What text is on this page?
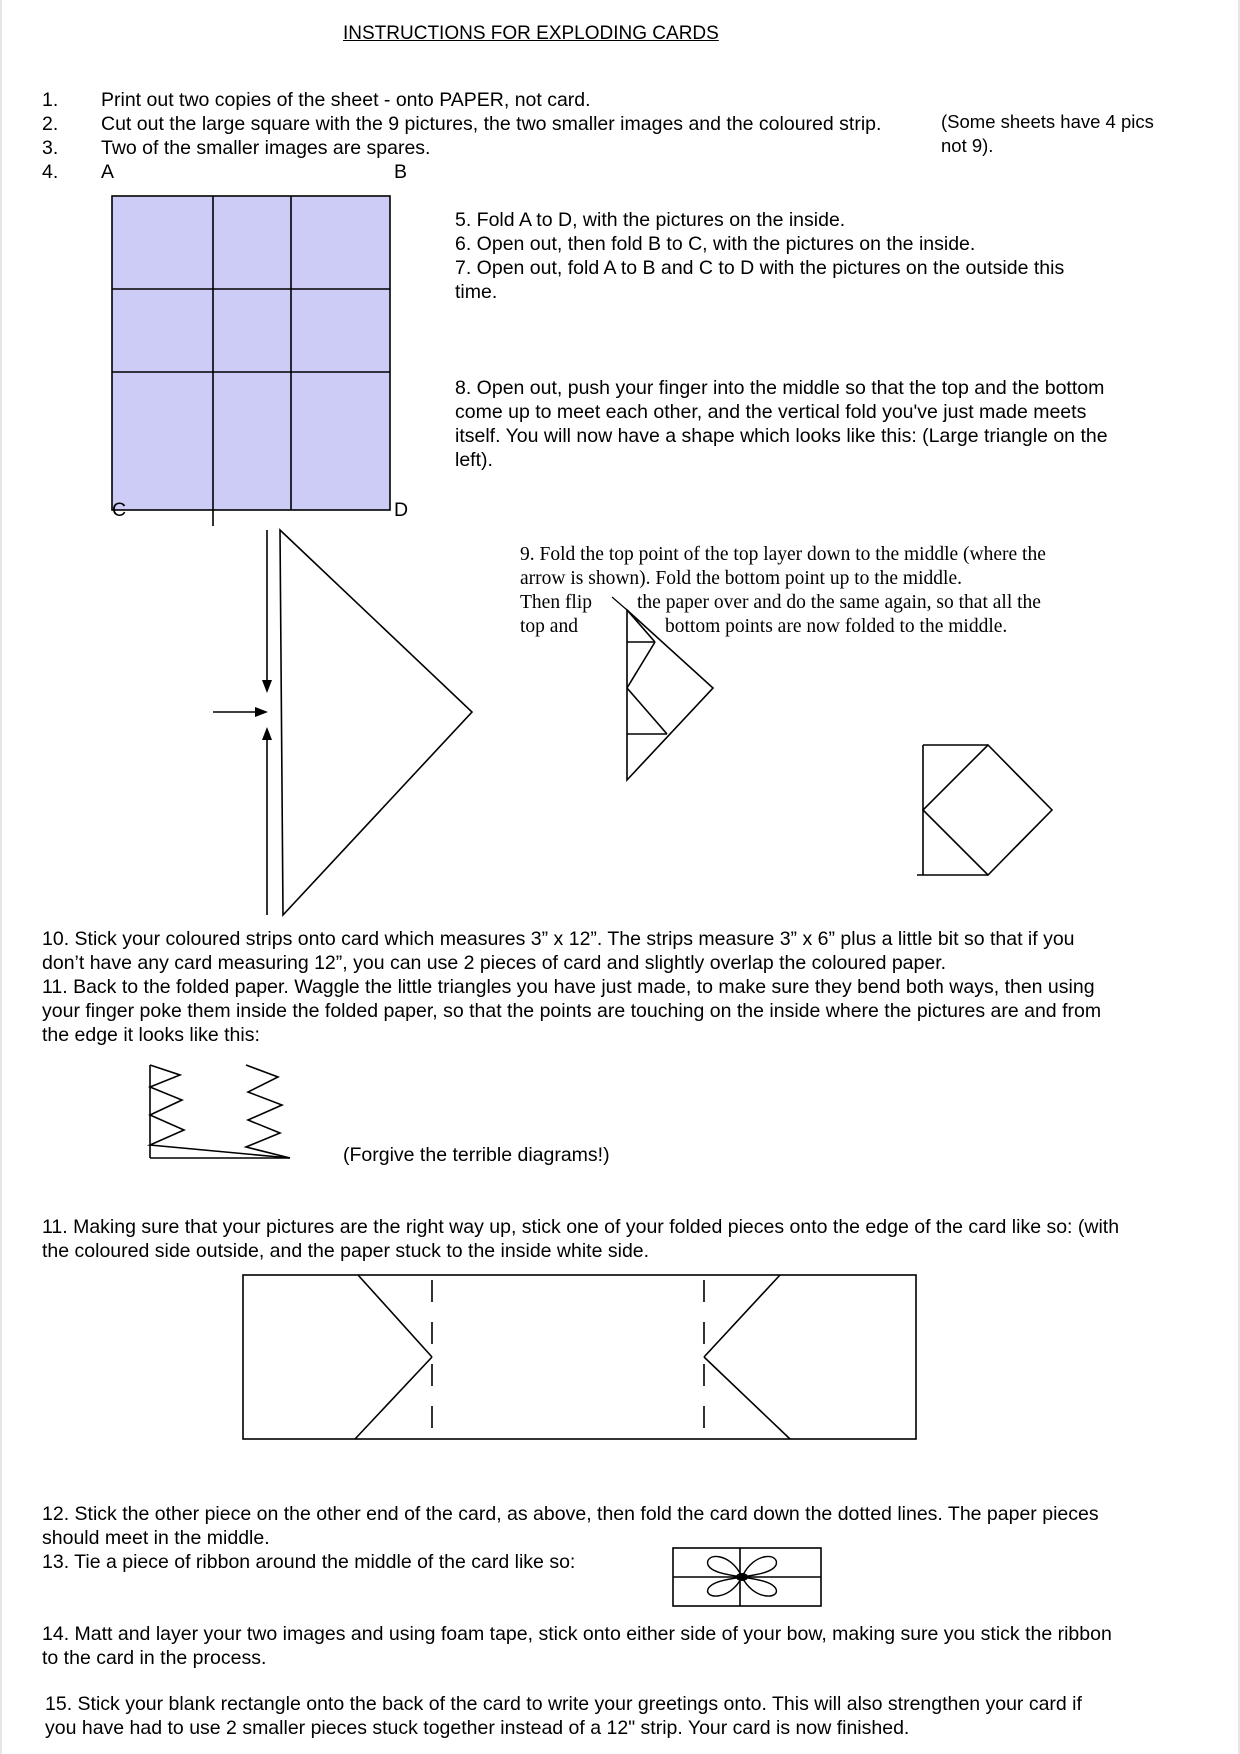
INSTRUCTIONS FOR EXPLODING CARDS
1. Print out two copies of the sheet - onto PAPER, not card.
2. Cut out the large square with the 9 pictures, the two smaller images and the coloured strip.
3. Two of the smaller images are spares.
4. A	B
(Some sheets have 4 pics
not 9).
C	D
5. Fold A to D, with the pictures on the inside.
6. Open out, then fold B to C, with the pictures on the inside.
7. Open out, fold A to B and C to D with the pictures on the outside this
time.
8. Open out, push your finger into the middle so that the top and the bottom
come up to meet each other, and the vertical fold you've just made meets
itself. You will now have a shape which looks like this: (Large triangle on the
left).
9. Fold the top point of the top layer down to the middle (where the
arrow is shown). Fold the bottom point up to the middle.
Then flip the paper over and do the same again, so that all the
top and	bottom points are now folded to the middle.
10. Stick your coloured strips onto card which measures 3” x 12”. The strips measure 3” x 6” plus a little bit so that if you
don’t have any card measuring 12”, you can use 2 pieces of card and slightly overlap the coloured paper.
11. Back to the folded paper. Waggle the little triangles you have just made, to make sure they bend both ways, then using
your finger poke them inside the folded paper, so that the points are touching on the inside where the pictures are and from
the edge it looks like this:
(Forgive the terrible diagrams!)
11. Making sure that your pictures are the right way up, stick one of your folded pieces onto the edge of the card like so: (with
the coloured side outside, and the paper stuck to the inside white side.
12. Stick the other piece on the other end of the card, as above, then fold the card down the dotted lines. The paper pieces
should meet in the middle.
13. Tie a piece of ribbon around the middle of the card like so:
14. Matt and layer your two images and using foam tape, stick onto either side of your bow, making sure you stick the ribbon
to the card in the process.
15. Stick your blank rectangle onto the back of the card to write your greetings onto. This will also strengthen your card if
you have had to use 2 smaller pieces stuck together instead of a 12" strip. Your card is now finished.
